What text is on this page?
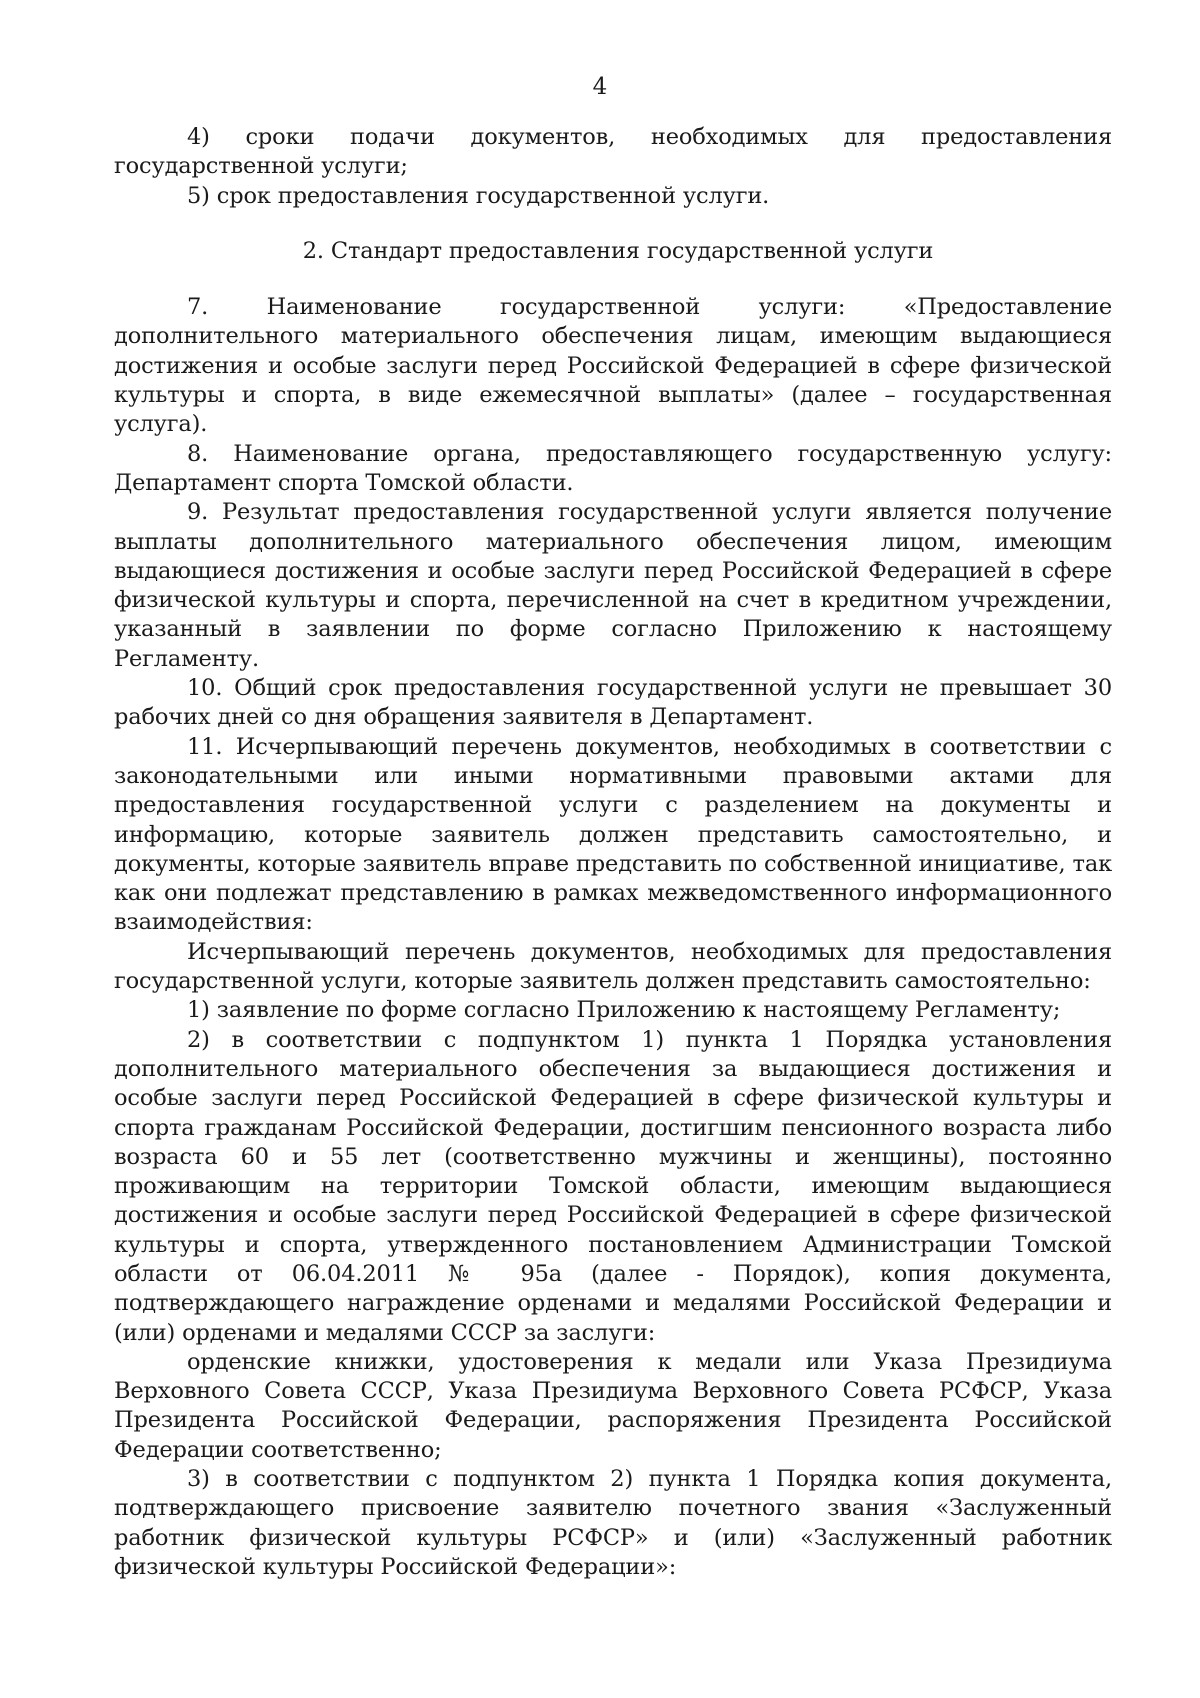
4

4) сроки подачи документов, необходимых для предоставления государственной услуги;

5) срок предоставления государственной услуги.

2. Стандарт предоставления государственной услуги

7. Наименование государственной услуги: «Предоставление дополнительного материального обеспечения лицам, имеющим выдающиеся достижения и особые заслуги перед Российской Федерацией в сфере физической культуры и спорта, в виде ежемесячной выплаты» (далее – государственная услуга).

8. Наименование органа, предоставляющего государственную услугу: Департамент спорта Томской области.

9. Результат предоставления государственной услуги является получение выплаты дополнительного материального обеспечения лицом, имеющим выдающиеся достижения и особые заслуги перед Российской Федерацией в сфере физической культуры и спорта, перечисленной на счет в кредитном учреждении, указанный в заявлении по форме согласно Приложению к настоящему Регламенту.

10. Общий срок предоставления государственной услуги не превышает 30 рабочих дней со дня обращения заявителя в Департамент.

11. Исчерпывающий перечень документов, необходимых в соответствии с законодательными или иными нормативными правовыми актами для предоставления государственной услуги с разделением на документы и информацию, которые заявитель должен представить самостоятельно, и документы, которые заявитель вправе представить по собственной инициативе, так как они подлежат представлению в рамках межведомственного информационного взаимодействия:

Исчерпывающий перечень документов, необходимых для предоставления государственной услуги, которые заявитель должен представить самостоятельно:

1) заявление по форме согласно Приложению к настоящему Регламенту;

2) в соответствии с подпунктом 1) пункта 1 Порядка установления дополнительного материального обеспечения за выдающиеся достижения и особые заслуги перед Российской Федерацией в сфере физической культуры и спорта гражданам Российской Федерации, достигшим пенсионного возраста либо возраста 60 и 55 лет (соответственно мужчины и женщины), постоянно проживающим на территории Томской области, имеющим выдающиеся достижения и особые заслуги перед Российской Федерацией в сфере физической культуры и спорта, утвержденного постановлением Администрации Томской области от 06.04.2011 № 95а (далее - Порядок), копия документа, подтверждающего награждение орденами и медалями Российской Федерации и (или) орденами и медалями СССР за заслуги:

орденские книжки, удостоверения к медали или Указа Президиума Верховного Совета СССР, Указа Президиума Верховного Совета РСФСР, Указа Президента Российской Федерации, распоряжения Президента Российской Федерации соответственно;

3) в соответствии с подпунктом 2) пункта 1 Порядка копия документа, подтверждающего присвоение заявителю почетного звания «Заслуженный работник физической культуры РСФСР» и (или) «Заслуженный работник физической культуры Российской Федерации»:
